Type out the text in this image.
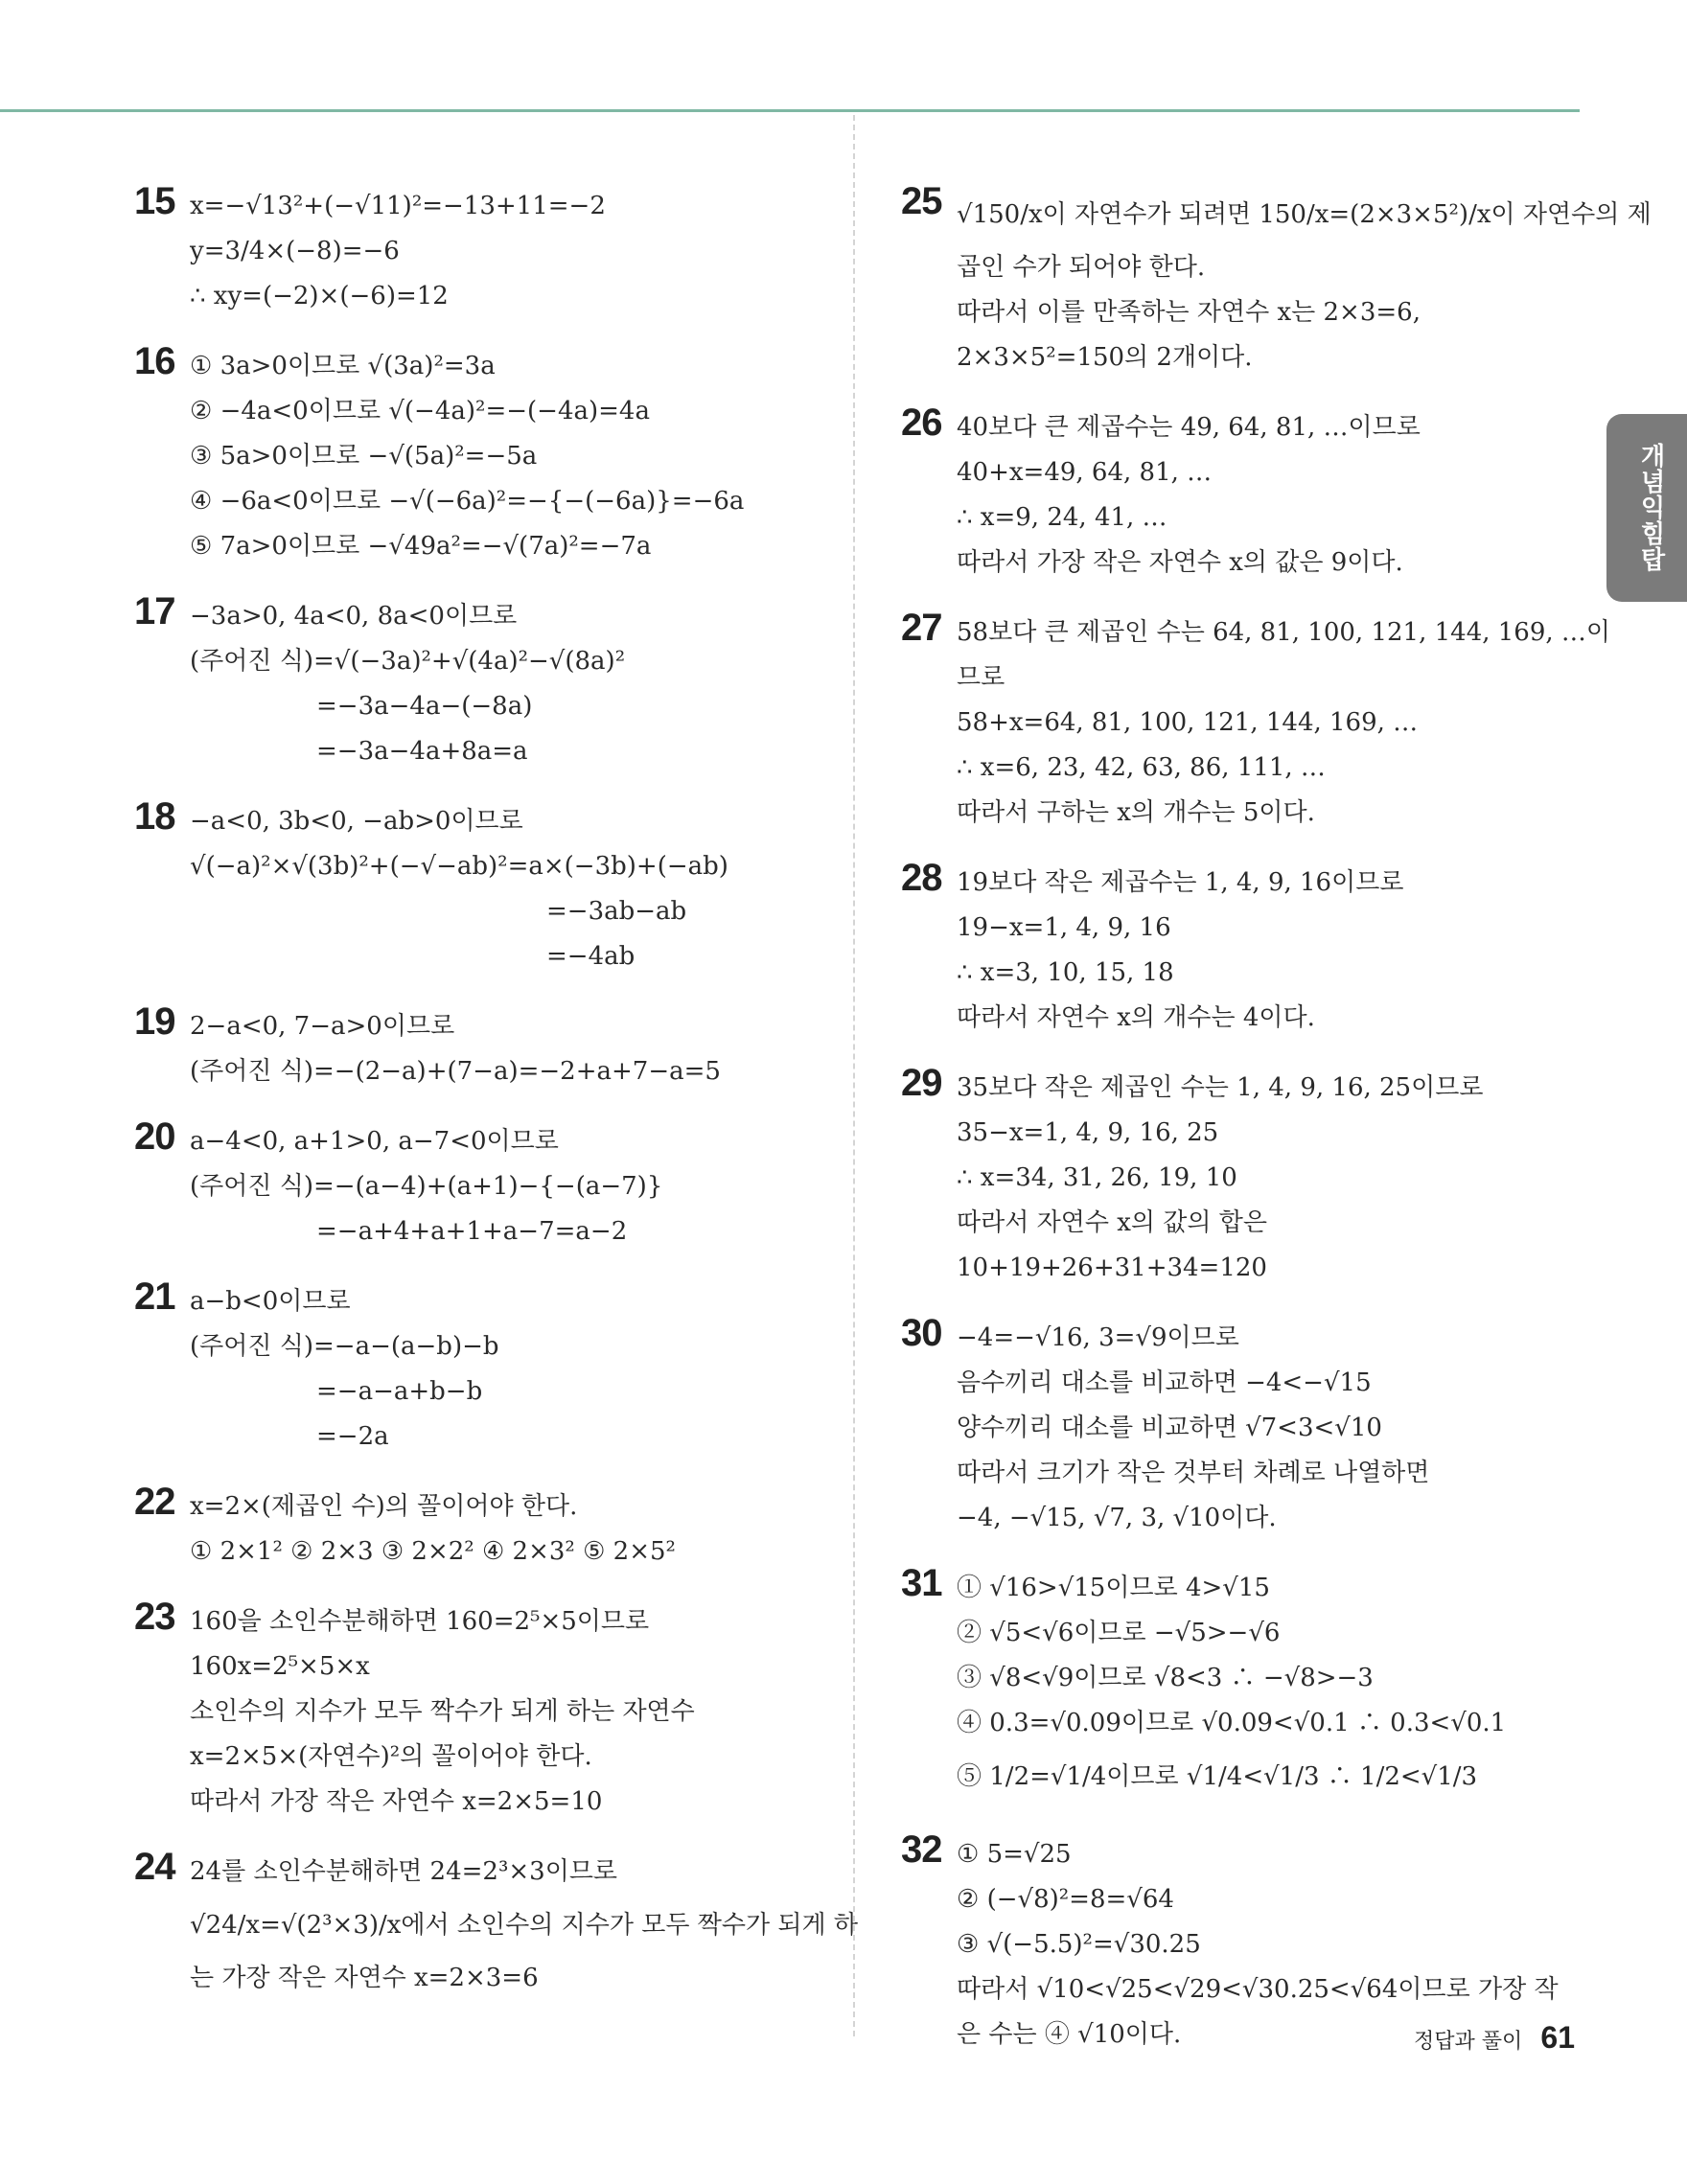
15 x=−√13²+(−√11)²=−13+11=−2
y=3/4×(−8)=−6
∴ xy=(−2)×(−6)=12
16 ① 3a>0이므로 √(3a)²=3a
② −4a<0이므로 √(−4a)²=−(−4a)=4a
③ 5a>0이므로 −√(5a)²=−5a
④ −6a<0이므로 −√(−6a)²=−{−(−6a)}=−6a
⑤ 7a>0이므로 −√49a²=−√(7a)²=−7a
17 −3a>0, 4a<0, 8a<0이므로
(주어진 식)=√(−3a)²+√(4a)²−√(8a)²
=−3a−4a−(−8a)
=−3a−4a+8a=a
18 −a<0, 3b<0, −ab>0이므로
√(−a)²×√(3b)²+(−√−ab)²=a×(−3b)+(−ab)
=−3ab−ab
=−4ab
19 2−a<0, 7−a>0이므로
(주어진 식)=−(2−a)+(7−a)=−2+a+7−a=5
20 a−4<0, a+1>0, a−7<0이므로
(주어진 식)=−(a−4)+(a+1)−{−(a−7)}
=−a+4+a+1+a−7=a−2
21 a−b<0이므로
(주어진 식)=−a−(a−b)−b
=−a−a+b−b
=−2a
22 x=2×(제곱인 수)의 꼴이어야 한다.
① 2×1² ② 2×3 ③ 2×2² ④ 2×3² ⑤ 2×5²
23 160을 소인수분해하면 160=2⁵×5이므로
160x=2⁵×5×x
소인수의 지수가 모두 짝수가 되게 하는 자연수
x=2×5×(자연수)²의 꼴이어야 한다.
따라서 가장 작은 자연수 x=2×5=10
24 24를 소인수분해하면 24=2³×3이므로
√24/x=√(2³×3)/x에서 소인수의 지수가 모두 짝수가 되게 하
는 가장 작은 자연수 x=2×3=6
25 √150/x이 자연수가 되려면 150/x=(2×3×5²)/x이 자연수의 제
곱인 수가 되어야 한다.
따라서 이를 만족하는 자연수 x는 2×3=6,
2×3×5²=150의 2개이다.
26 40보다 큰 제곱수는 49, 64, 81, …이므로
40+x=49, 64, 81, …
∴ x=9, 24, 41, …
따라서 가장 작은 자연수 x의 값은 9이다.
27 58보다 큰 제곱인 수는 64, 81, 100, 121, 144, 169, …이
므로
58+x=64, 81, 100, 121, 144, 169, …
∴ x=6, 23, 42, 63, 86, 111, …
따라서 구하는 x의 개수는 5이다.
28 19보다 작은 제곱수는 1, 4, 9, 16이므로
19−x=1, 4, 9, 16
∴ x=3, 10, 15, 18
따라서 자연수 x의 개수는 4이다.
29 35보다 작은 제곱인 수는 1, 4, 9, 16, 25이므로
35−x=1, 4, 9, 16, 25
∴ x=34, 31, 26, 19, 10
따라서 자연수 x의 값의 합은
10+19+26+31+34=120
30 −4=−√16, 3=√9이므로
음수끼리 대소를 비교하면 −4<−√15
양수끼리 대소를 비교하면 √7<3<√10
따라서 크기가 작은 것부터 차례로 나열하면
−4, −√15, √7, 3, √10이다.
31 ① √16>√15이므로 4>√15
② √5<√6이므로 −√5>−√6
③ √8<√9이므로 √8<3 ∴ −√8>−3
④ 0.3=√0.09이므로 √0.09<√0.1 ∴ 0.3<√0.1
⑤ 1/2=√1/4이므로 √1/4<√1/3 ∴ 1/2<√1/3
32 ① 5=√25
② (−√8)²=8=√64
③ √(−5.5)²=√30.25
따라서 √10<√25<√29<√30.25<√64이므로 가장 작
은 수는 ④ √10이다.
개념익힘탑
정답과 풀이 61
